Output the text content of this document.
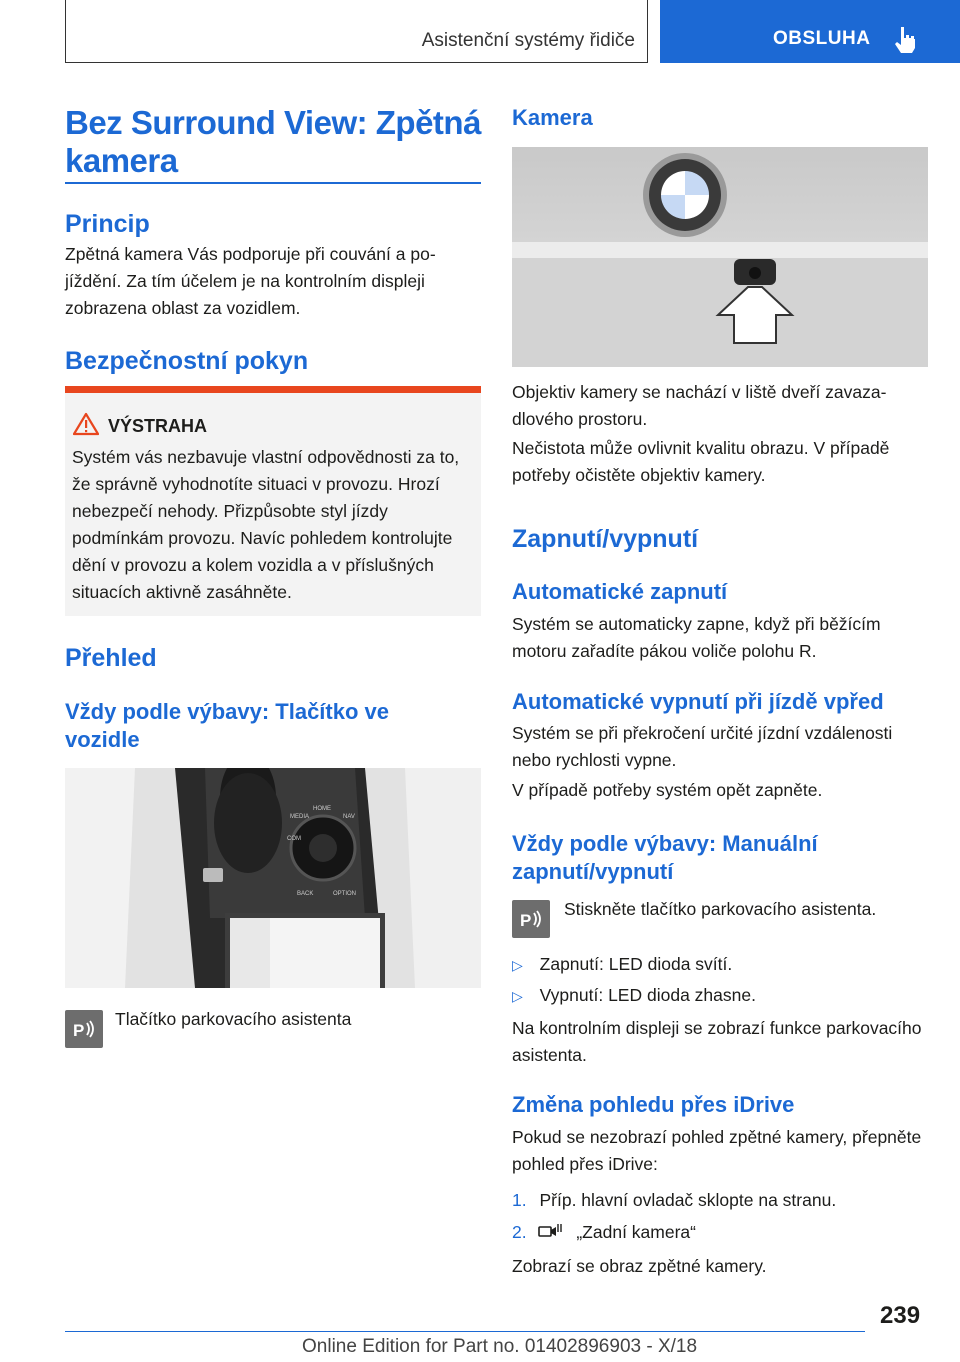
Asistenční systémy řidiče	OBSLUHA
Bez Surround View: Zpětná kamera
Princip
Zpětná kamera Vás podporuje při couvání a pojíždění. Za tím účelem je na kontrolním displeji zobrazena oblast za vozidlem.
Bezpečnostní pokyn
VÝSTRAHA
Systém vás nezbavuje vlastní odpovědnosti za to, že správně vyhodnotíte situaci v provozu. Hrozí nebezpečí nehody. Přizpůsobte styl jízdy podmínkám provozu. Navíc pohledem kontrolujte dění v provozu a kolem vozidla a v příslušných situacích aktivně zasáhněte.
Přehled
Vždy podle výbavy: Tlačítko ve vozidle
MEDIA
HOME
NAV
COM
BACK	OPTION
P
Tlačítko parkovacího asistenta
Kamera
Objektiv kamery se nachází v liště dveří zavazadlového prostoru.
Nečistota může ovlivnit kvalitu obrazu. V případě potřeby očistěte objektiv kamery.
Zapnutí/vypnutí
Automatické zapnutí
Systém se automaticky zapne, když při běžícím motoru zařadíte pákou voliče polohu R.
Automatické vypnutí při jízdě vpřed
Systém se při překročení určité jízdní vzdálenosti nebo rychlosti vypne.
V případě potřeby systém opět zapněte.
Vždy podle výbavy: Manuální zapnutí/vypnutí
P
Stiskněte tlačítko parkovacího asistenta.
▷ Zapnutí: LED dioda svítí.
▷ Vypnutí: LED dioda zhasne.
Na kontrolním displeji se zobrazí funkce parkovacího asistenta.
Změna pohledu přes iDrive
Pokud se nezobrazí pohled zpětné kamery, přepněte pohled přes iDrive:
1. Příp. hlavní ovladač sklopte na stranu.
2.	„Zadní kamera“
Zobrazí se obraz zpětné kamery.
239
Online Edition for Part no. 01402896903 - X/18
